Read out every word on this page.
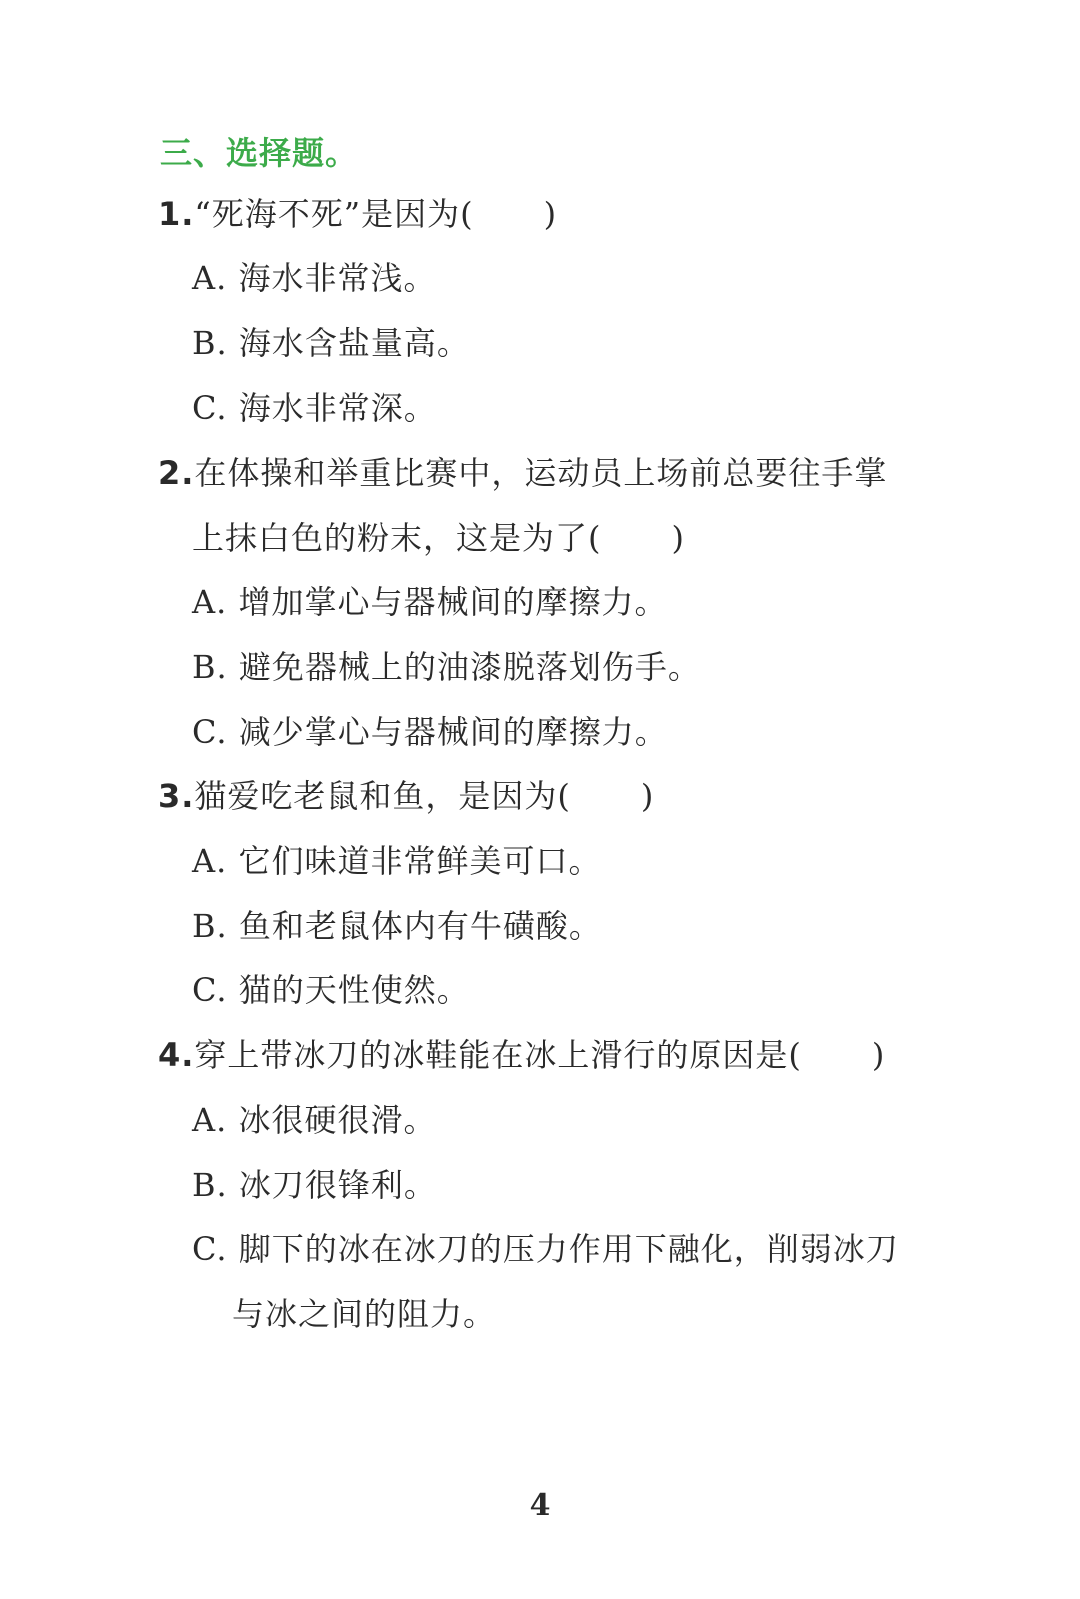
三、选择题。
1.“死海不死”是因为( )
A. 海水非常浅。
B. 海水含盐量高。
C. 海水非常深。
2.在体操和举重比赛中，运动员上场前总要往手掌
上抹白色的粉末，这是为了( )
A. 增加掌心与器械间的摩擦力。
B. 避免器械上的油漆脱落划伤手。
C. 减少掌心与器械间的摩擦力。
3.猫爱吃老鼠和鱼，是因为( )
A. 它们味道非常鲜美可口。
B. 鱼和老鼠体内有牛磺酸。
C. 猫的天性使然。
4.穿上带冰刀的冰鞋能在冰上滑行的原因是( )
A. 冰很硬很滑。
B. 冰刀很锋利。
C. 脚下的冰在冰刀的压力作用下融化，削弱冰刀
与冰之间的阻力。
4
